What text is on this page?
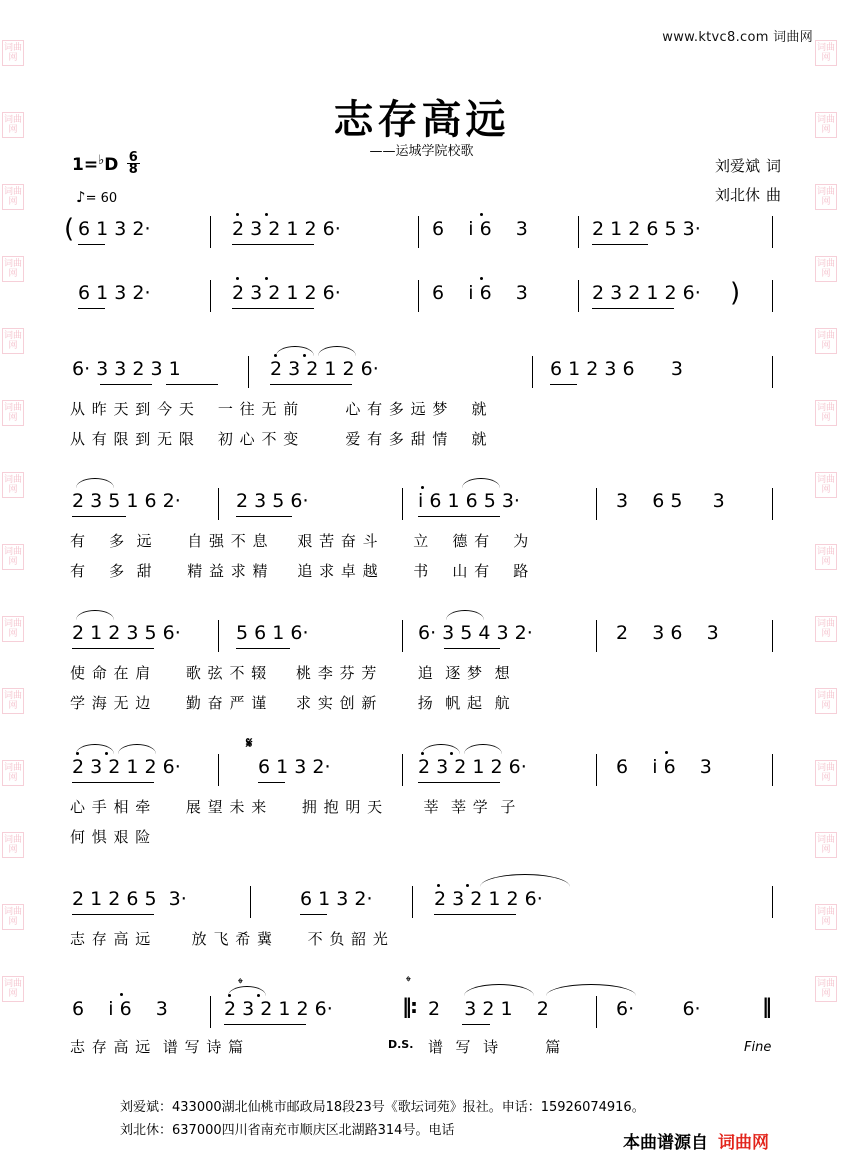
词曲网
词曲网
词曲网
词曲网
词曲网
词曲网
词曲网
词曲网
词曲网
词曲网
词曲网
词曲网
词曲网
词曲网
词曲网
词曲网
词曲网
词曲网
词曲网
词曲网
词曲网
词曲网
词曲网
词曲网
词曲网
词曲网
词曲网
词曲网
www.ktvc8.com 词曲网
志存高远
——运城学院校歌
刘爱斌 词
刘北休 曲
$1=^♭D \frac{6}{8}$
♪= 60
( 6 1 3 2·	2 3 2 1 2 6·	6    i 6    3	2 1 2 6 5 3·
6 1 3 2·	2 3 2 1 2 6·	6    i 6    3	2 3 2 1 2 6· )
6· 3 3 2 3 1	2 3 2 1 2 6·	6 1 2 3 6      3
从 昨 天 到 今 天    一 往 无 前        心 有 多 远 梦    就
从 有 限 到 无 限    初 心 不 变        爱 有 多 甜 情    就
2 3 5 1 6 2·	2 3 5 6·	i 6 1 6 5 3·	3    6 5     3
有    多  远      自 强 不 息     艰 苦 奋 斗      立    德 有    为
有    多  甜      精 益 求 精     追 求 卓 越      书    山 有    路
2 1 2 3 5 6·	5 6 1 6·	6· 3 5 4 3 2·	2    3 6    3
使 命 在 肩      歌 弦 不 辍     桃 李 芬 芳       追  逐 梦  想
学 海 无 边      勤 奋 严 谨     求 实 创 新       扬  帆 起  航
𝄋
2 3 2 1 2 6·	6 1 3 2·	2 3 2 1 2 6·	6    i 6    3
心 手 相 牵      展 望 未 来      拥 抱 明 天       莘  莘 学  子
何 惧 艰 险
2 1 2 6 5  3·	6 1 3 2·	2 3 2 1 2 6·
志 存 高 远       放 飞 希 冀      不 负 韶 光
6    i 6    3
𝄌
2 3 2 1 2 6·	‖:
𝄌
2    3 2 1    2	6·        6·	‖
D.S.	Fine
志 存 高 远  谱 写 诗 篇	谱  写  诗        篇
刘爱斌：433000湖北仙桃市邮政局18段23号《歌坛词苑》报社。申话：15926074916。
刘北休：637000四川省南充市顺庆区北湖路314号。电话
本曲谱源自 词曲网
